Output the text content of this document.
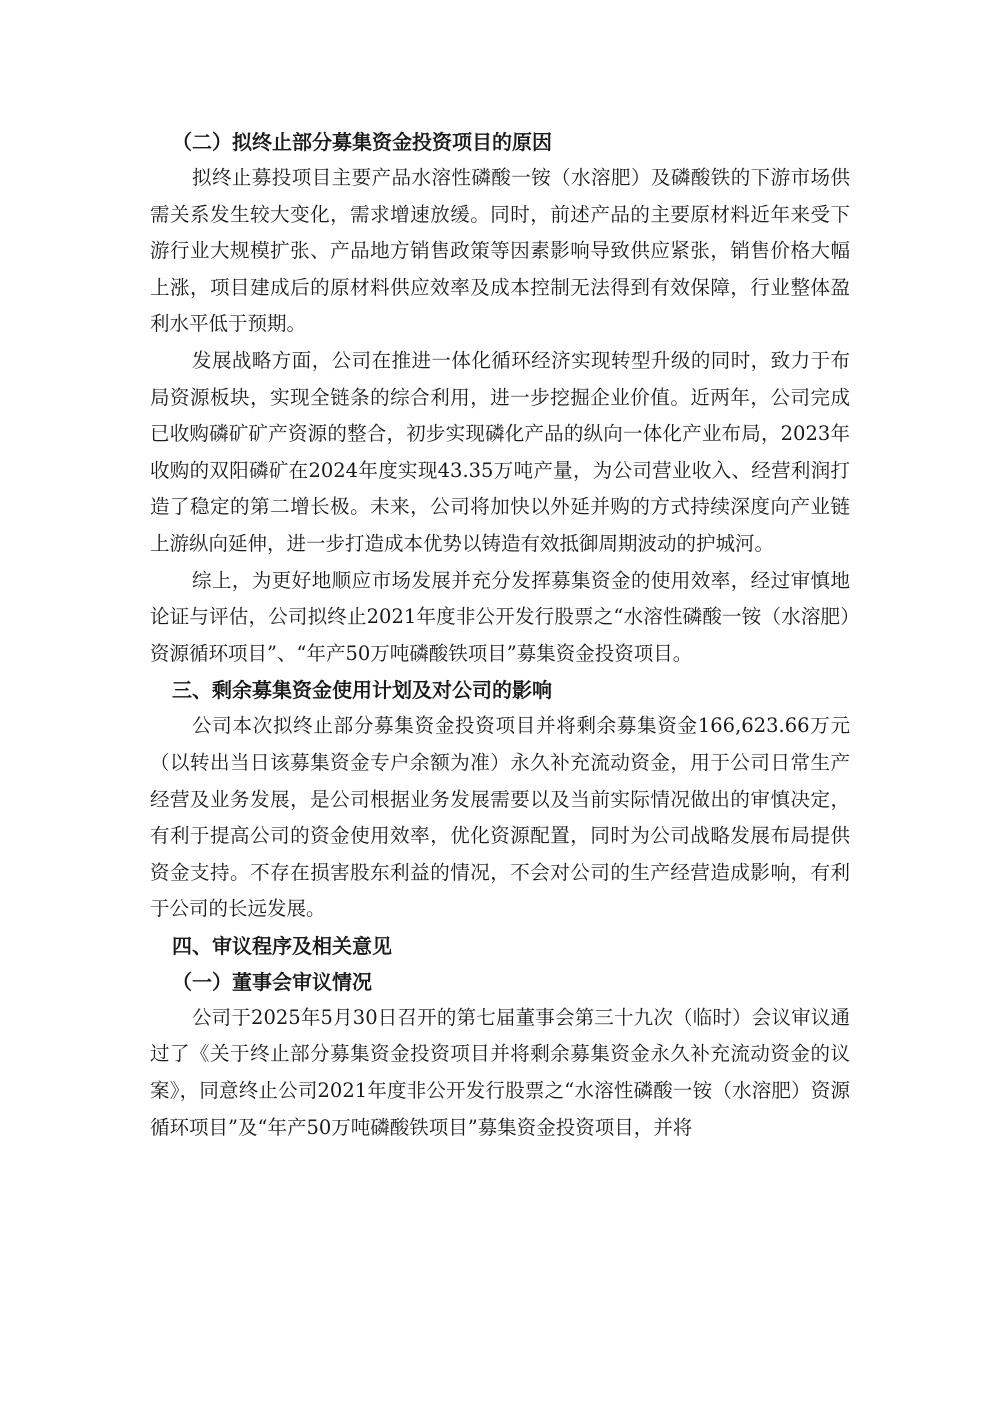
（二）拟终止部分募集资金投资项目的原因

拟终止募投项目主要产品水溶性磷酸一铵（水溶肥）及磷酸铁的下游市场供需关系发生较大变化，需求增速放缓。同时，前述产品的主要原材料近年来受下游行业大规模扩张、产品地方销售政策等因素影响导致供应紧张，销售价格大幅上涨，项目建成后的原材料供应效率及成本控制无法得到有效保障，行业整体盈利水平低于预期。

发展战略方面，公司在推进一体化循环经济实现转型升级的同时，致力于布局资源板块，实现全链条的综合利用，进一步挖掘企业价值。近两年，公司完成已收购磷矿矿产资源的整合，初步实现磷化产品的纵向一体化产业布局，2023年收购的双阳磷矿在2024年度实现43.35万吨产量，为公司营业收入、经营利润打造了稳定的第二增长极。未来，公司将加快以外延并购的方式持续深度向产业链上游纵向延伸，进一步打造成本优势以铸造有效抵御周期波动的护城河。

综上，为更好地顺应市场发展并充分发挥募集资金的使用效率，经过审慎地论证与评估，公司拟终止2021年度非公开发行股票之“水溶性磷酸一铵（水溶肥）资源循环项目”、“年产50万吨磷酸铁项目”募集资金投资项目。

三、剩余募集资金使用计划及对公司的影响

公司本次拟终止部分募集资金投资项目并将剩余募集资金166,623.66万元（以转出当日该募集资金专户余额为准）永久补充流动资金，用于公司日常生产经营及业务发展，是公司根据业务发展需要以及当前实际情况做出的审慎决定，有利于提高公司的资金使用效率，优化资源配置，同时为公司战略发展布局提供资金支持。不存在损害股东利益的情况，不会对公司的生产经营造成影响，有利于公司的长远发展。

四、审议程序及相关意见

（一）董事会审议情况

公司于2025年5月30日召开的第七届董事会第三十九次（临时）会议审议通过了《关于终止部分募集资金投资项目并将剩余募集资金永久补充流动资金的议案》，同意终止公司2021年度非公开发行股票之“水溶性磷酸一铵（水溶肥）资源循环项目”及“年产50万吨磷酸铁项目”募集资金投资项目，并将
